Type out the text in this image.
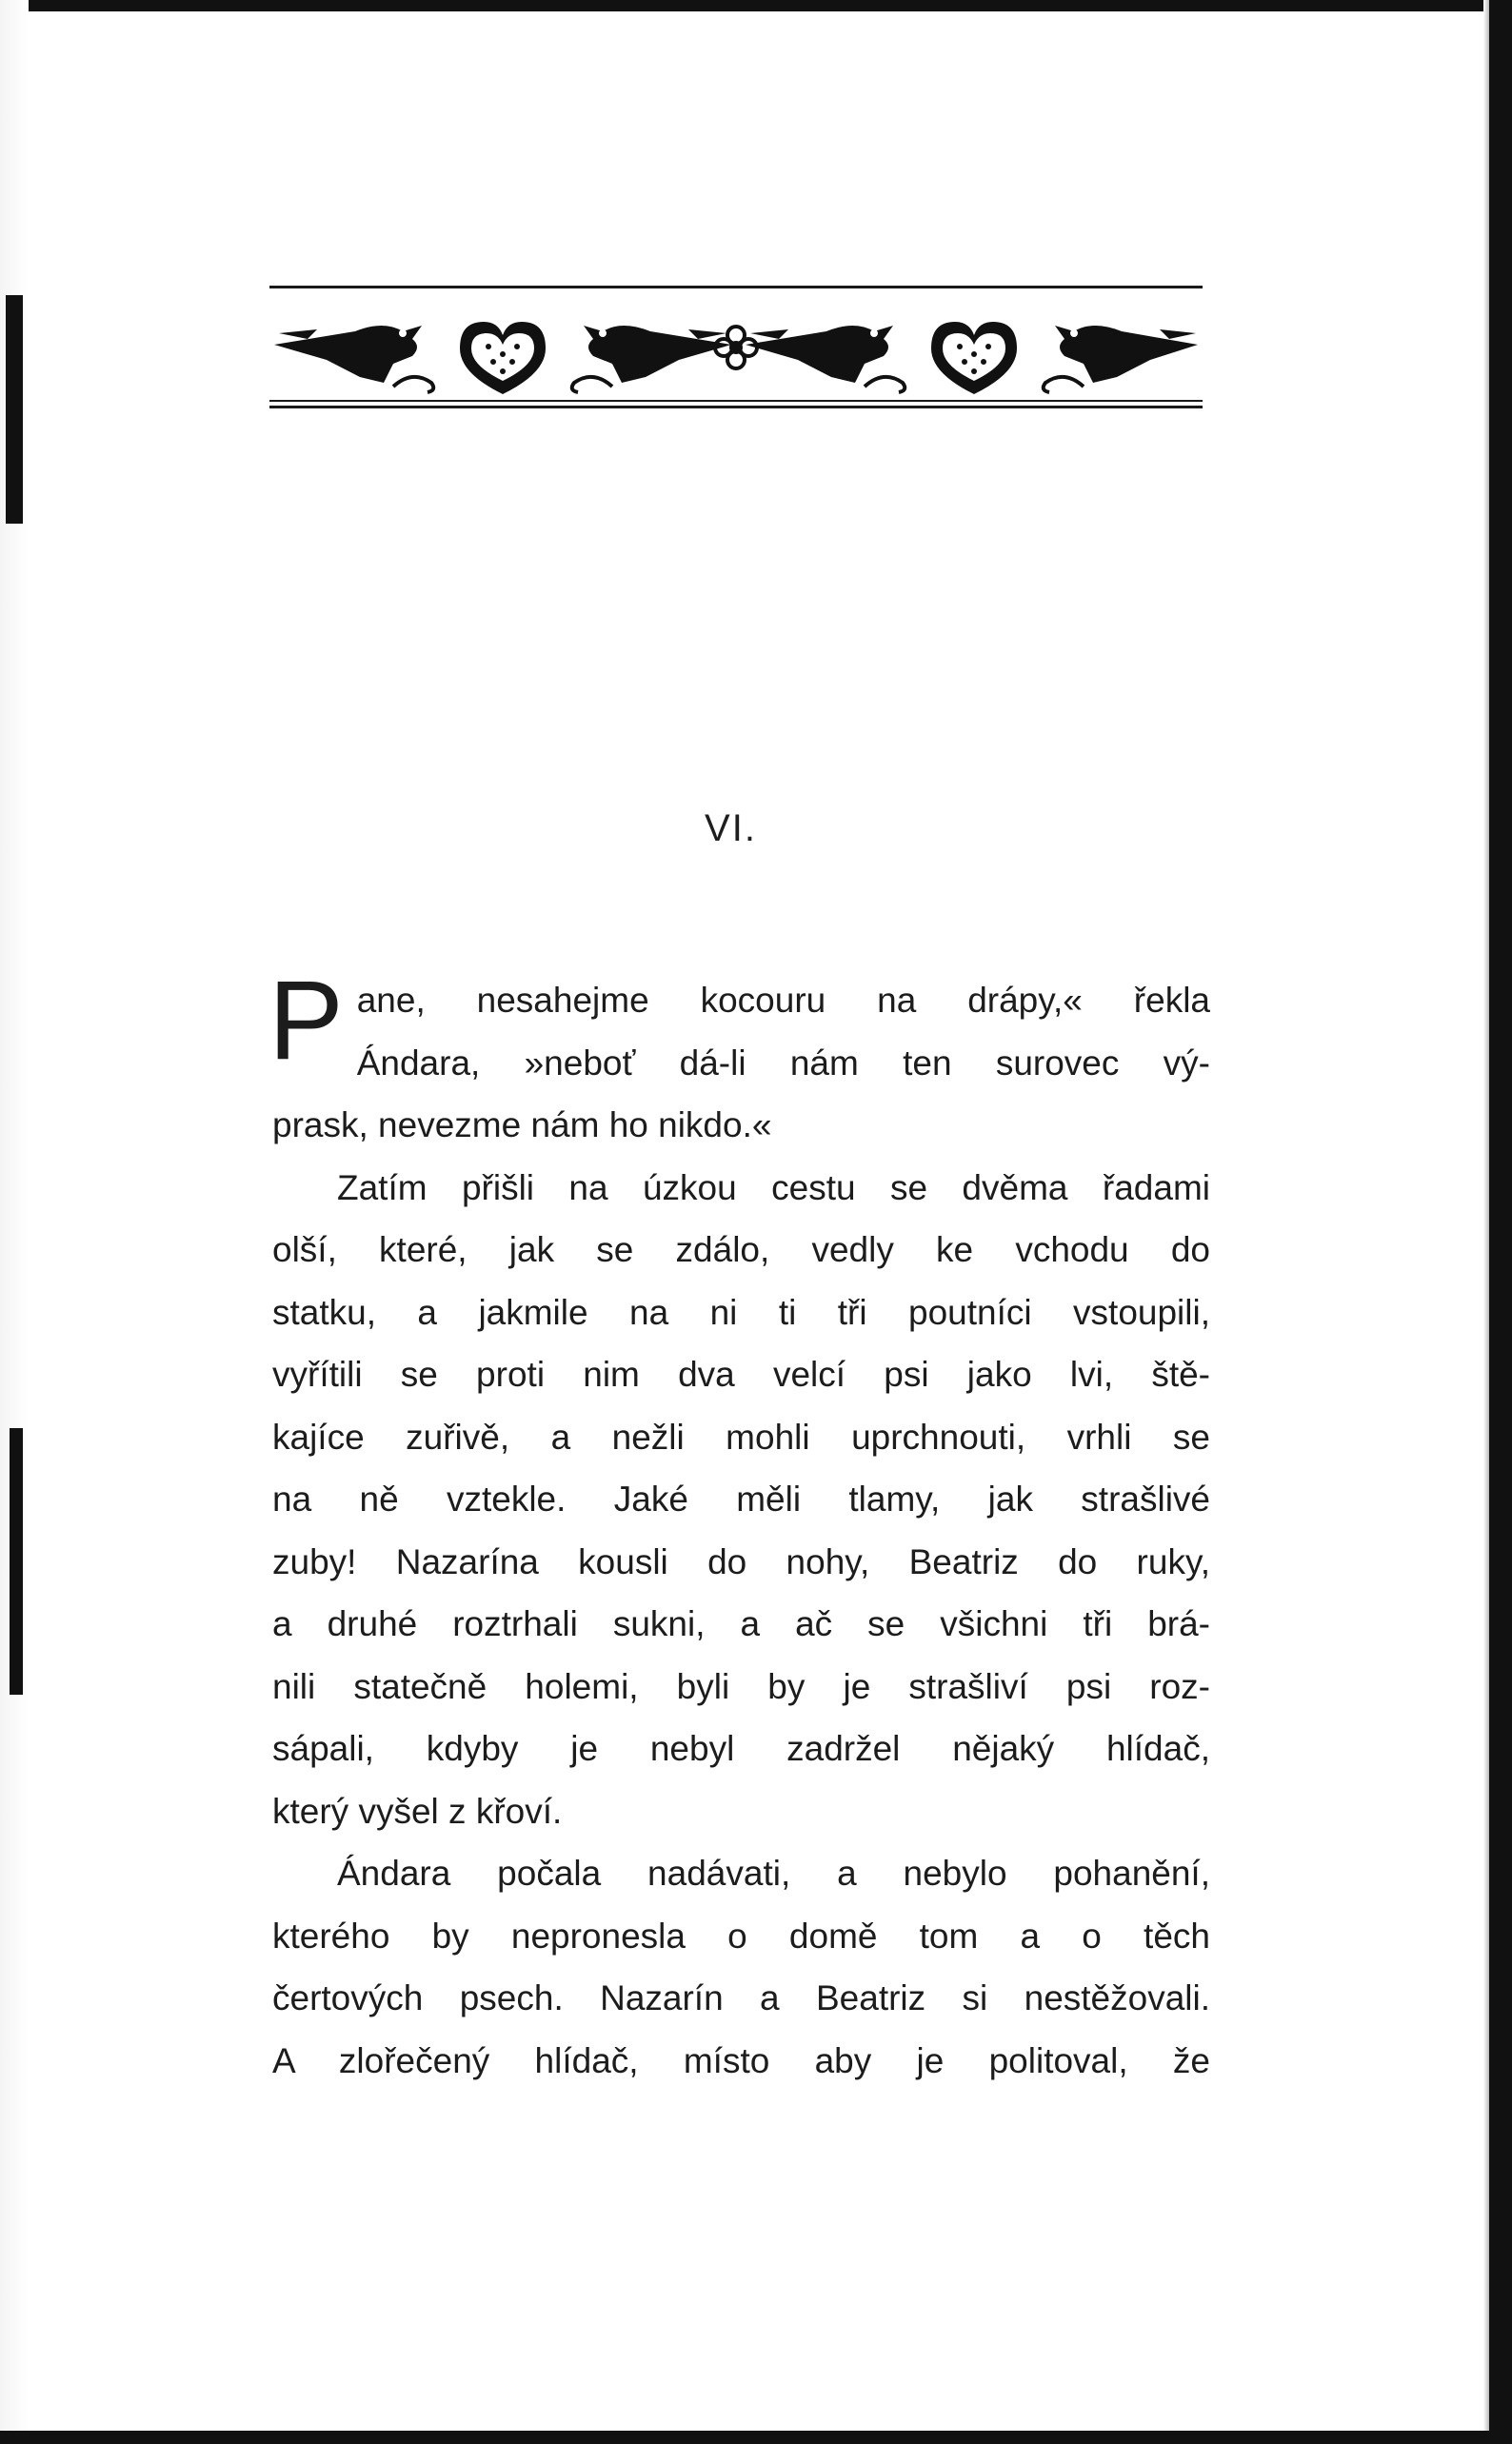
VI.

P ane, nesahejme kocouru na drápy,« řekla
Ándara, »neboť dá-li nám ten surovec vý-
prask, nevezme nám ho nikdo.«

Zatím přišli na úzkou cestu se dvěma řadami
olší, které, jak se zdálo, vedly ke vchodu do
statku, a jakmile na ni ti tři poutníci vstoupili,
vyřítili se proti nim dva velcí psi jako lvi, ště-
kajíce zuřivě, a nežli mohli uprchnouti, vrhli se
na ně vztekle. Jaké měli tlamy, jak strašlivé
zuby! Nazarína kousli do nohy, Beatriz do ruky,
a druhé roztrhali sukni, a ač se všichni tři brá-
nili statečně holemi, byli by je strašliví psi roz-
sápali, kdyby je nebyl zadržel nějaký hlídač,
který vyšel z křoví.

Ándara počala nadávati, a nebylo pohanění,
kterého by nepronesla o domě tom a o těch
čertových psech. Nazarín a Beatriz si nestěžovali.
A zlořečený hlídač, místo aby je politoval, že
